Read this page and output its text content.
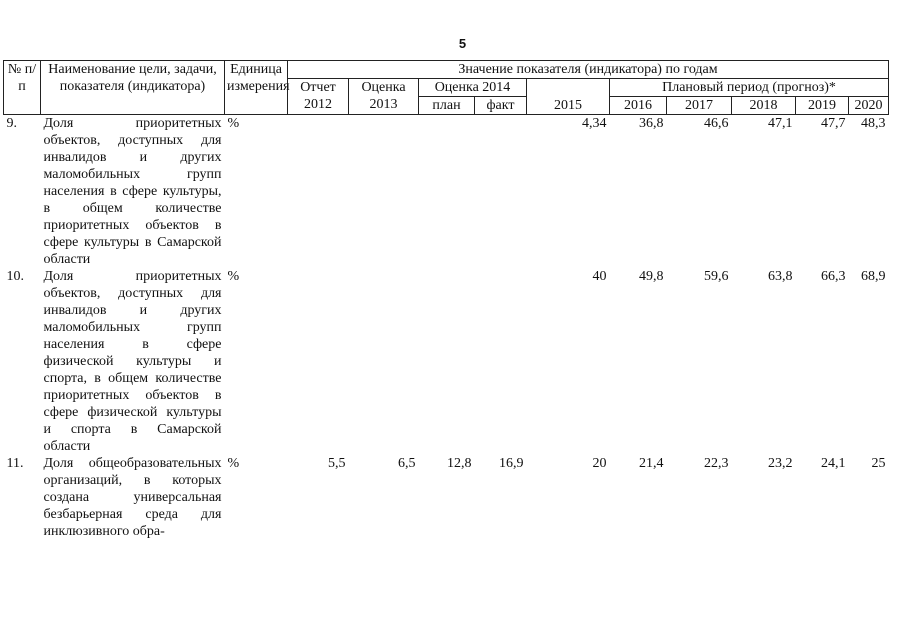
5
№ п/п	Наименование цели, задачи, показателя (индикатора)	Единица измерения	Значение показателя (индикатора) по годам									
			Отчет 2012	Оценка 2013	Оценка 2014		2015	Плановый период (прогноз)*				
					план	факт		2016	2017	2018	2019	2020
9.	Доля приоритетных объектов, доступных для инвалидов и других маломобильных групп населения в сфере культуры, в общем количестве приоритетных объектов в сфере культуры в Самарской области	%					4,34	36,8	46,6	47,1	47,7	48,3
10.	Доля приоритетных объектов, доступных для инвалидов и других маломобильных групп населения в сфере физической культуры и спорта, в общем количестве приоритетных объектов в сфере физической культуры и спорта в Самарской области	%					40	49,8	59,6	63,8	66,3	68,9
11.	Доля общеобразовательных организаций, в которых создана универсальная безбарьерная среда для инклюзивного обра-	%	5,5	6,5	12,8	16,9	20	21,4	22,3	23,2	24,1	25
